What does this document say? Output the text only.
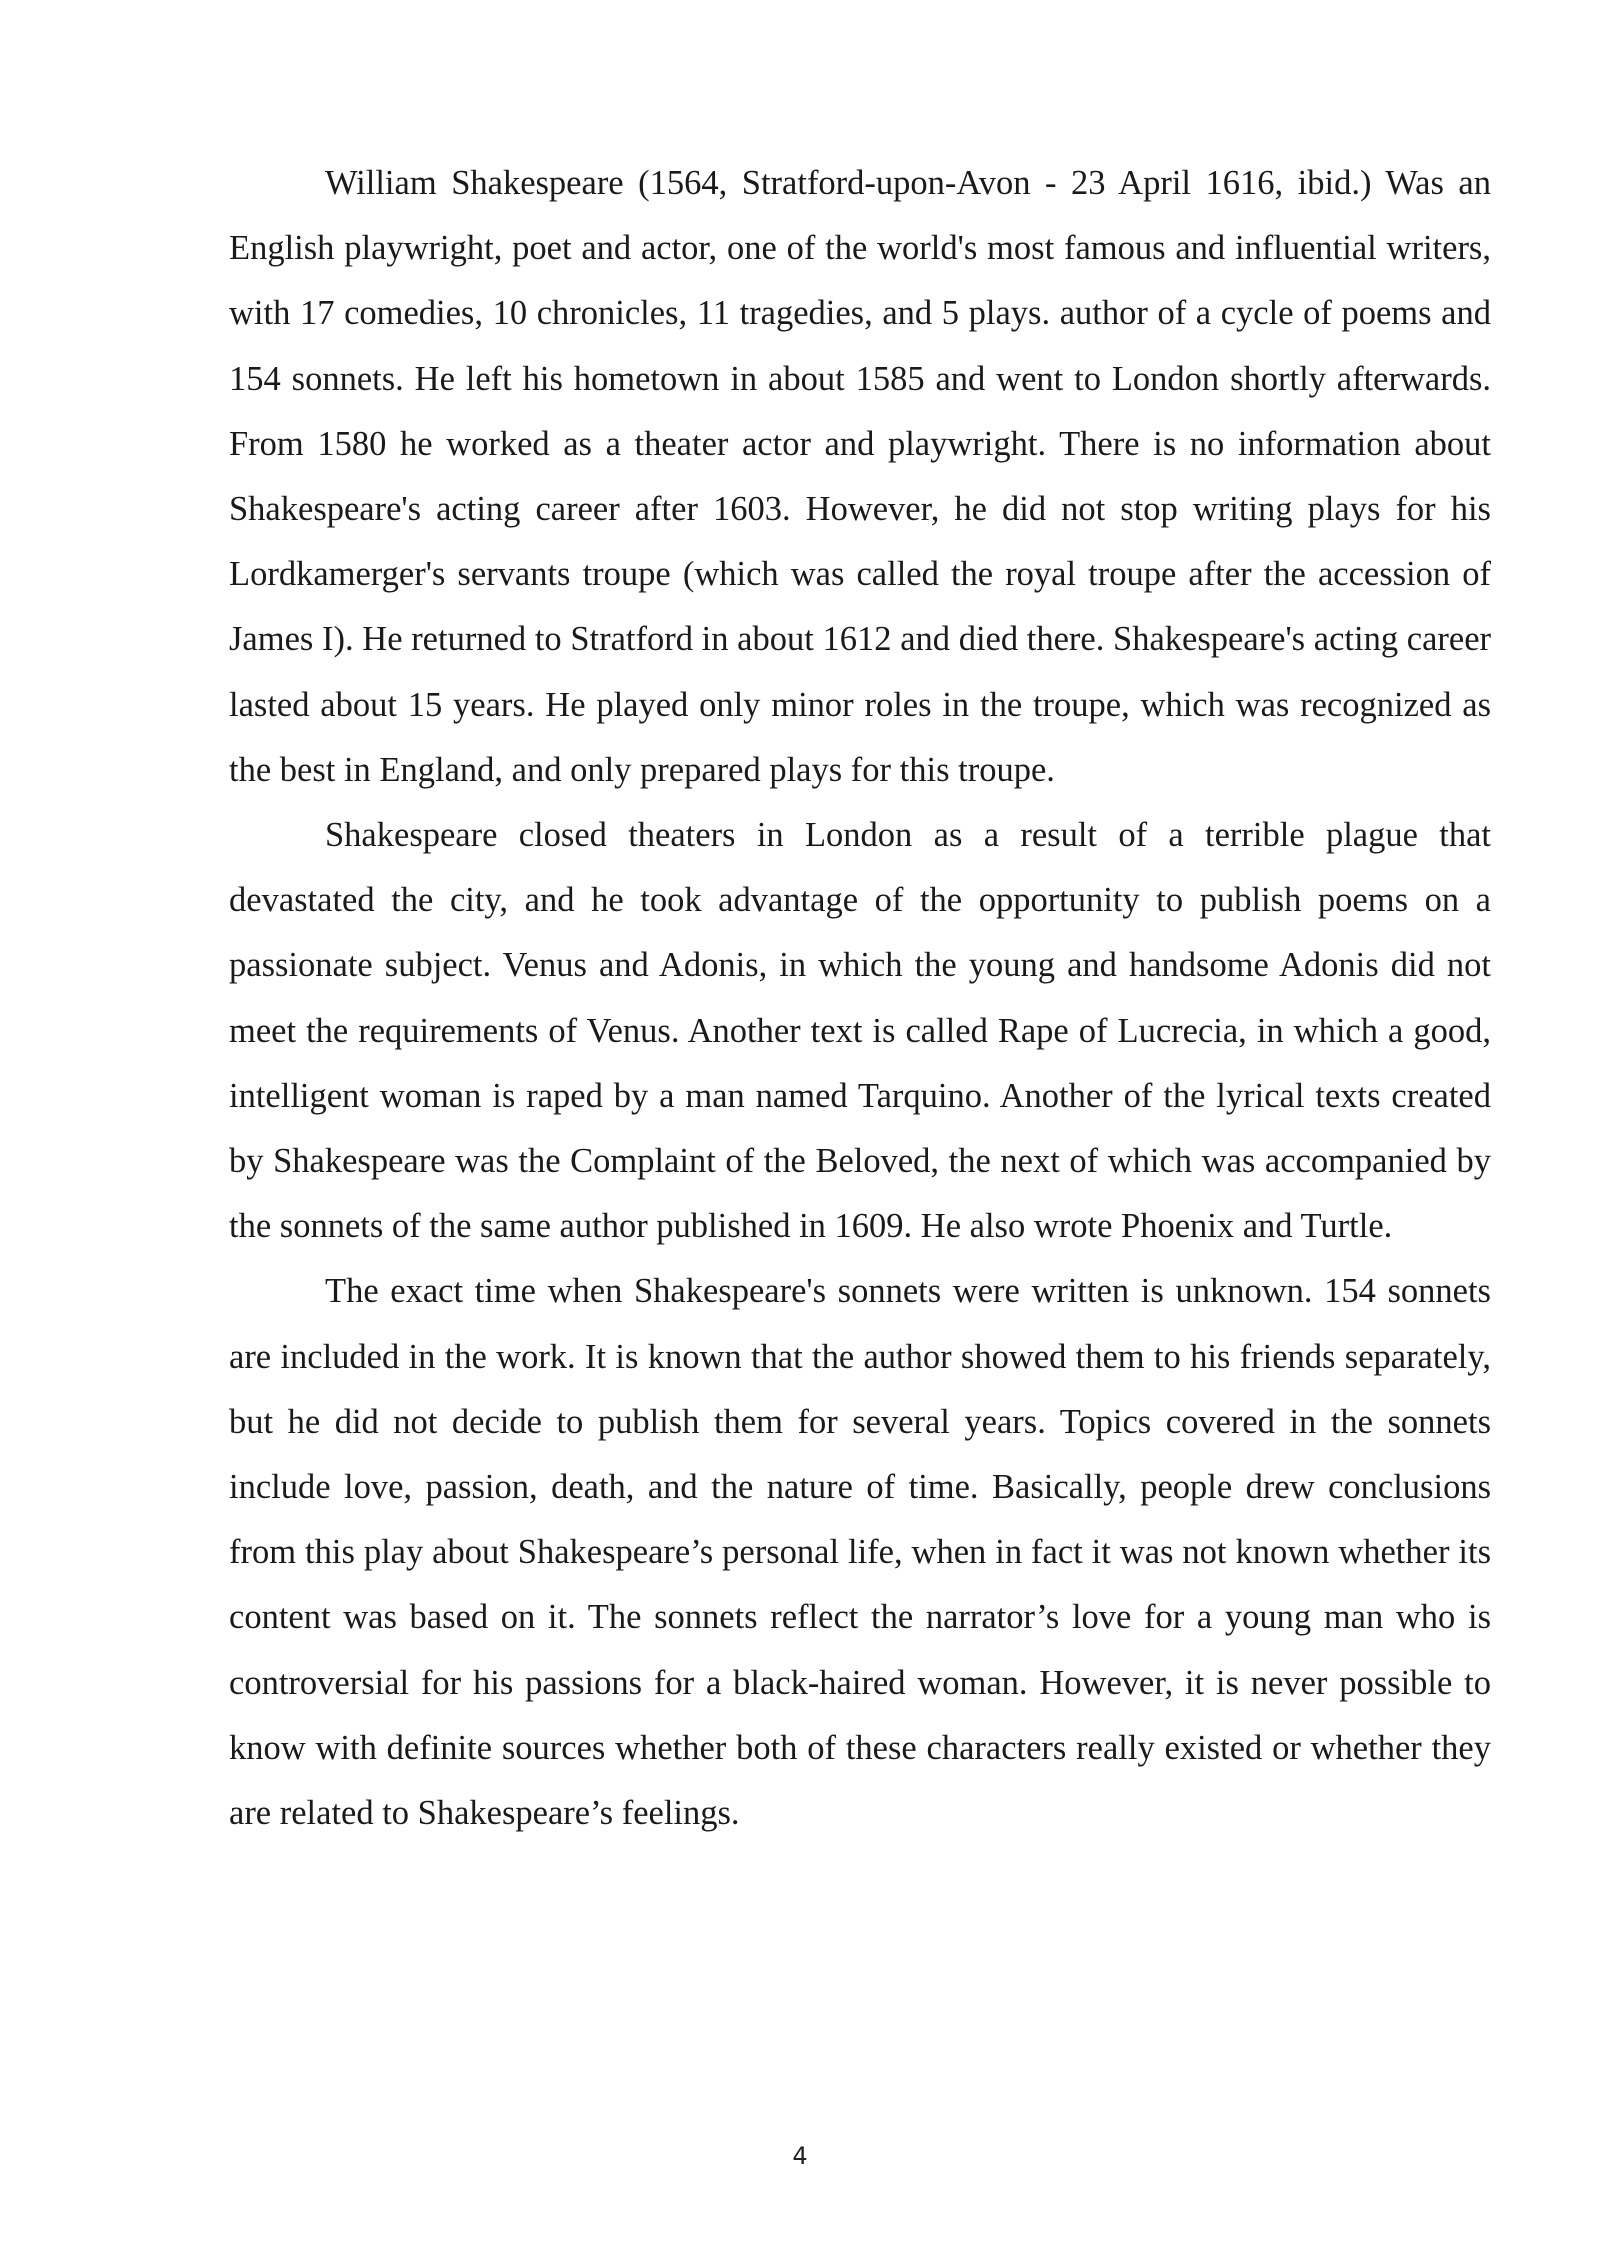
William Shakespeare (1564, Stratford-upon-Avon - 23 April 1616, ibid.) Was an English playwright, poet and actor, one of the world's most famous and influential writers, with 17 comedies, 10 chronicles, 11 tragedies, and 5 plays. author of a cycle of poems and 154 sonnets. He left his hometown in about 1585 and went to London shortly afterwards. From 1580 he worked as a theater actor and playwright. There is no information about Shakespeare's acting career after 1603. However, he did not stop writing plays for his Lordkamerger's servants troupe (which was called the royal troupe after the accession of James I). He returned to Stratford in about 1612 and died there. Shakespeare's acting career lasted about 15 years. He played only minor roles in the troupe, which was recognized as the best in England, and only prepared plays for this troupe.

Shakespeare closed theaters in London as a result of a terrible plague that devastated the city, and he took advantage of the opportunity to publish poems on a passionate subject. Venus and Adonis, in which the young and handsome Adonis did not meet the requirements of Venus. Another text is called Rape of Lucrecia, in which a good, intelligent woman is raped by a man named Tarquino. Another of the lyrical texts created by Shakespeare was the Complaint of the Beloved, the next of which was accompanied by the sonnets of the same author published in 1609. He also wrote Phoenix and Turtle.

The exact time when Shakespeare's sonnets were written is unknown. 154 sonnets are included in the work. It is known that the author showed them to his friends separately, but he did not decide to publish them for several years. Topics covered in the sonnets include love, passion, death, and the nature of time. Basically, people drew conclusions from this play about Shakespeare’s personal life, when in fact it was not known whether its content was based on it. The sonnets reflect the narrator’s love for a young man who is controversial for his passions for a black-haired woman. However, it is never possible to know with definite sources whether both of these characters really existed or whether they are related to Shakespeare’s feelings.

4
